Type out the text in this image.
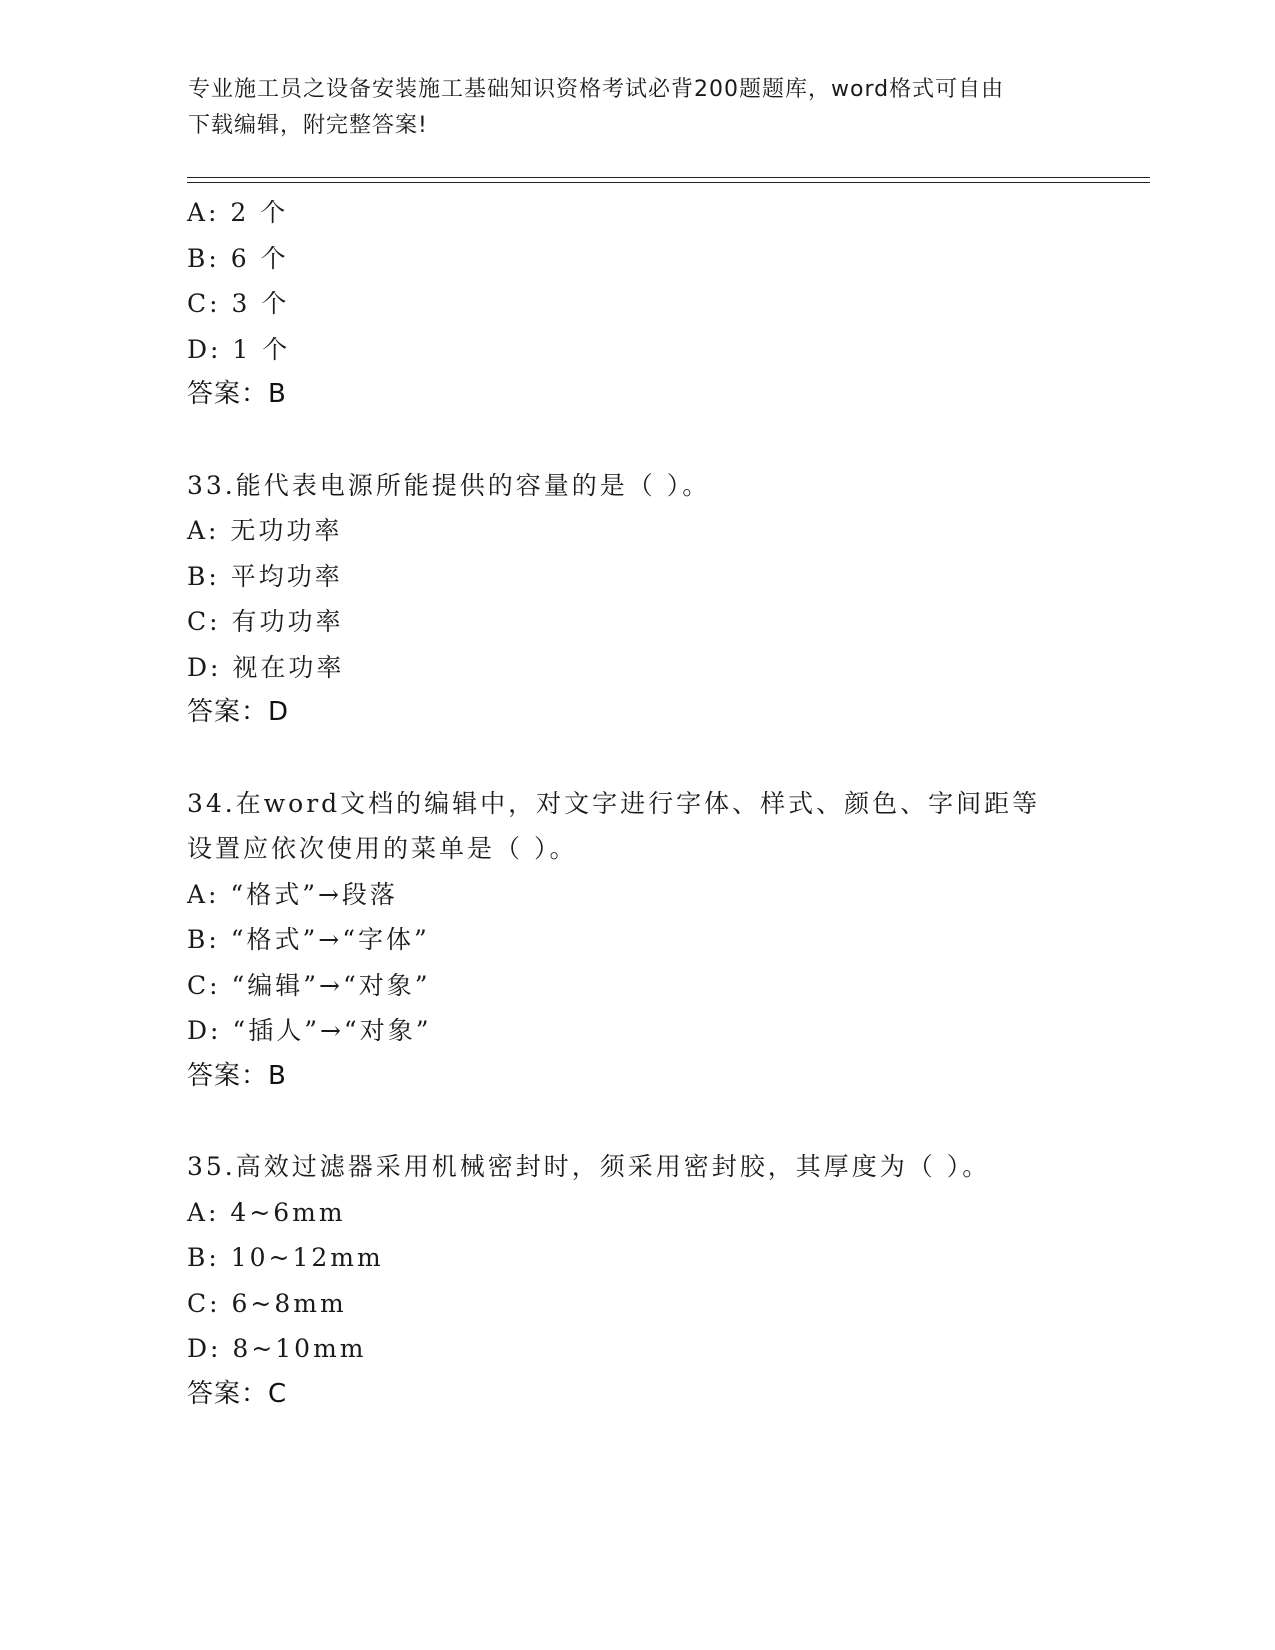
专业施工员之设备安装施工基础知识资格考试必背200题题库，word格式可自由
下载编辑，附完整答案!
A: 2 个
B: 6 个
C: 3 个
D: 1 个
答案：B
33.能代表电源所能提供的容量的是（ ）。
A: 无功功率
B: 平均功率
C: 有功功率
D: 视在功率
答案：D
34.在word文档的编辑中，对文字进行字体、样式、颜色、字间距等
设置应依次使用的菜单是（ ）。
A: “格式”→段落
B: “格式”→“字体”
C: “编辑”→“对象”
D: “插人”→“对象”
答案：B
35.高效过滤器采用机械密封时，须采用密封胶，其厚度为（ ）。
A: 4~6mm
B: 10~12mm
C: 6~8mm
D: 8~10mm
答案：C
